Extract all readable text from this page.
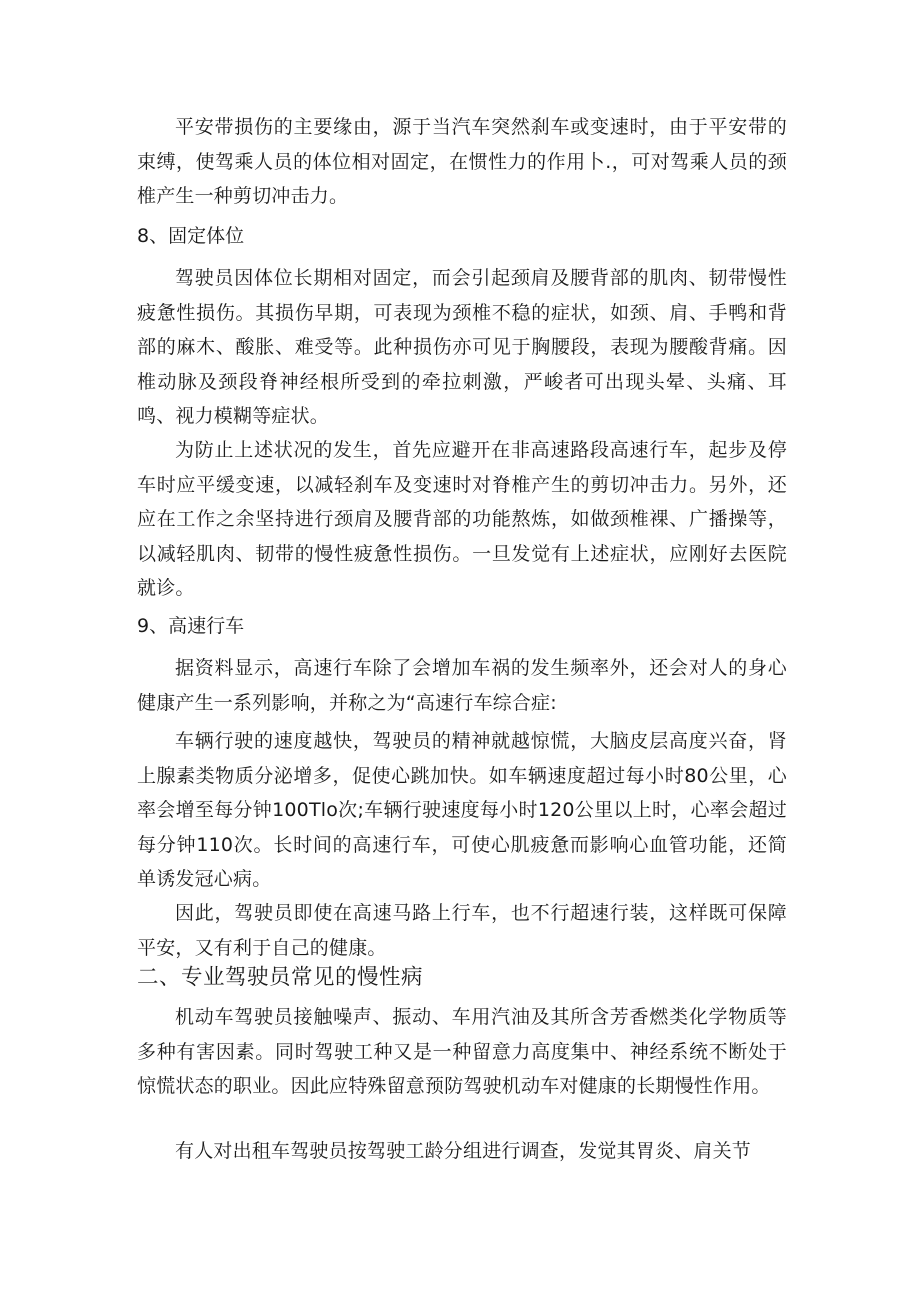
平安带损伤的主要缘由，源于当汽车突然刹车或变速时，由于平安带的束缚，使驾乘人员的体位相对固定，在惯性力的作用卜.，可对驾乘人员的颈椎产生一种剪切冲击力。

8、固定体位

驾驶员因体位长期相对固定，而会引起颈肩及腰背部的肌肉、韧带慢性疲惫性损伤。其损伤早期，可表现为颈椎不稳的症状，如颈、肩、手鸭和背部的麻木、酸胀、难受等。此种损伤亦可见于胸腰段，表现为腰酸背痛。因椎动脉及颈段脊神经根所受到的牵拉刺激，严峻者可出现头晕、头痛、耳鸣、视力模糊等症状。

为防止上述状况的发生，首先应避开在非高速路段高速行车，起步及停车时应平缓变速，以减轻刹车及变速时对脊椎产生的剪切冲击力。另外，还应在工作之余坚持进行颈肩及腰背部的功能熬炼，如做颈椎裸、广播操等，以减轻肌肉、韧带的慢性疲惫性损伤。一旦发觉有上述症状，应刚好去医院就诊。

9、高速行车

据资料显示，高速行车除了会增加车祸的发生频率外，还会对人的身心健康产生一系列影响，并称之为“高速行车综合症:

车辆行驶的速度越快，驾驶员的精神就越惊慌，大脑皮层高度兴奋，肾上腺素类物质分泌增多，促使心跳加快。如车辆速度超过每小时80公里，心率会增至每分钟100Tlo次;车辆行驶速度每小时120公里以上时，心率会超过每分钟110次。长时间的高速行车，可使心肌疲惫而影响心血管功能，还简单诱发冠心病。

因此，驾驶员即使在高速马路上行车，也不行超速行装，这样既可保障平安，又有利于自己的健康。

二、专业驾驶员常见的慢性病

机动车驾驶员接触噪声、振动、车用汽油及其所含芳香燃类化学物质等多种有害因素。同时驾驶工种又是一种留意力高度集中、神经系统不断处于惊慌状态的职业。因此应特殊留意预防驾驶机动车对健康的长期慢性作用。

有人对出租车驾驶员按驾驶工龄分组进行调查，发觉其胃炎、肩关节
